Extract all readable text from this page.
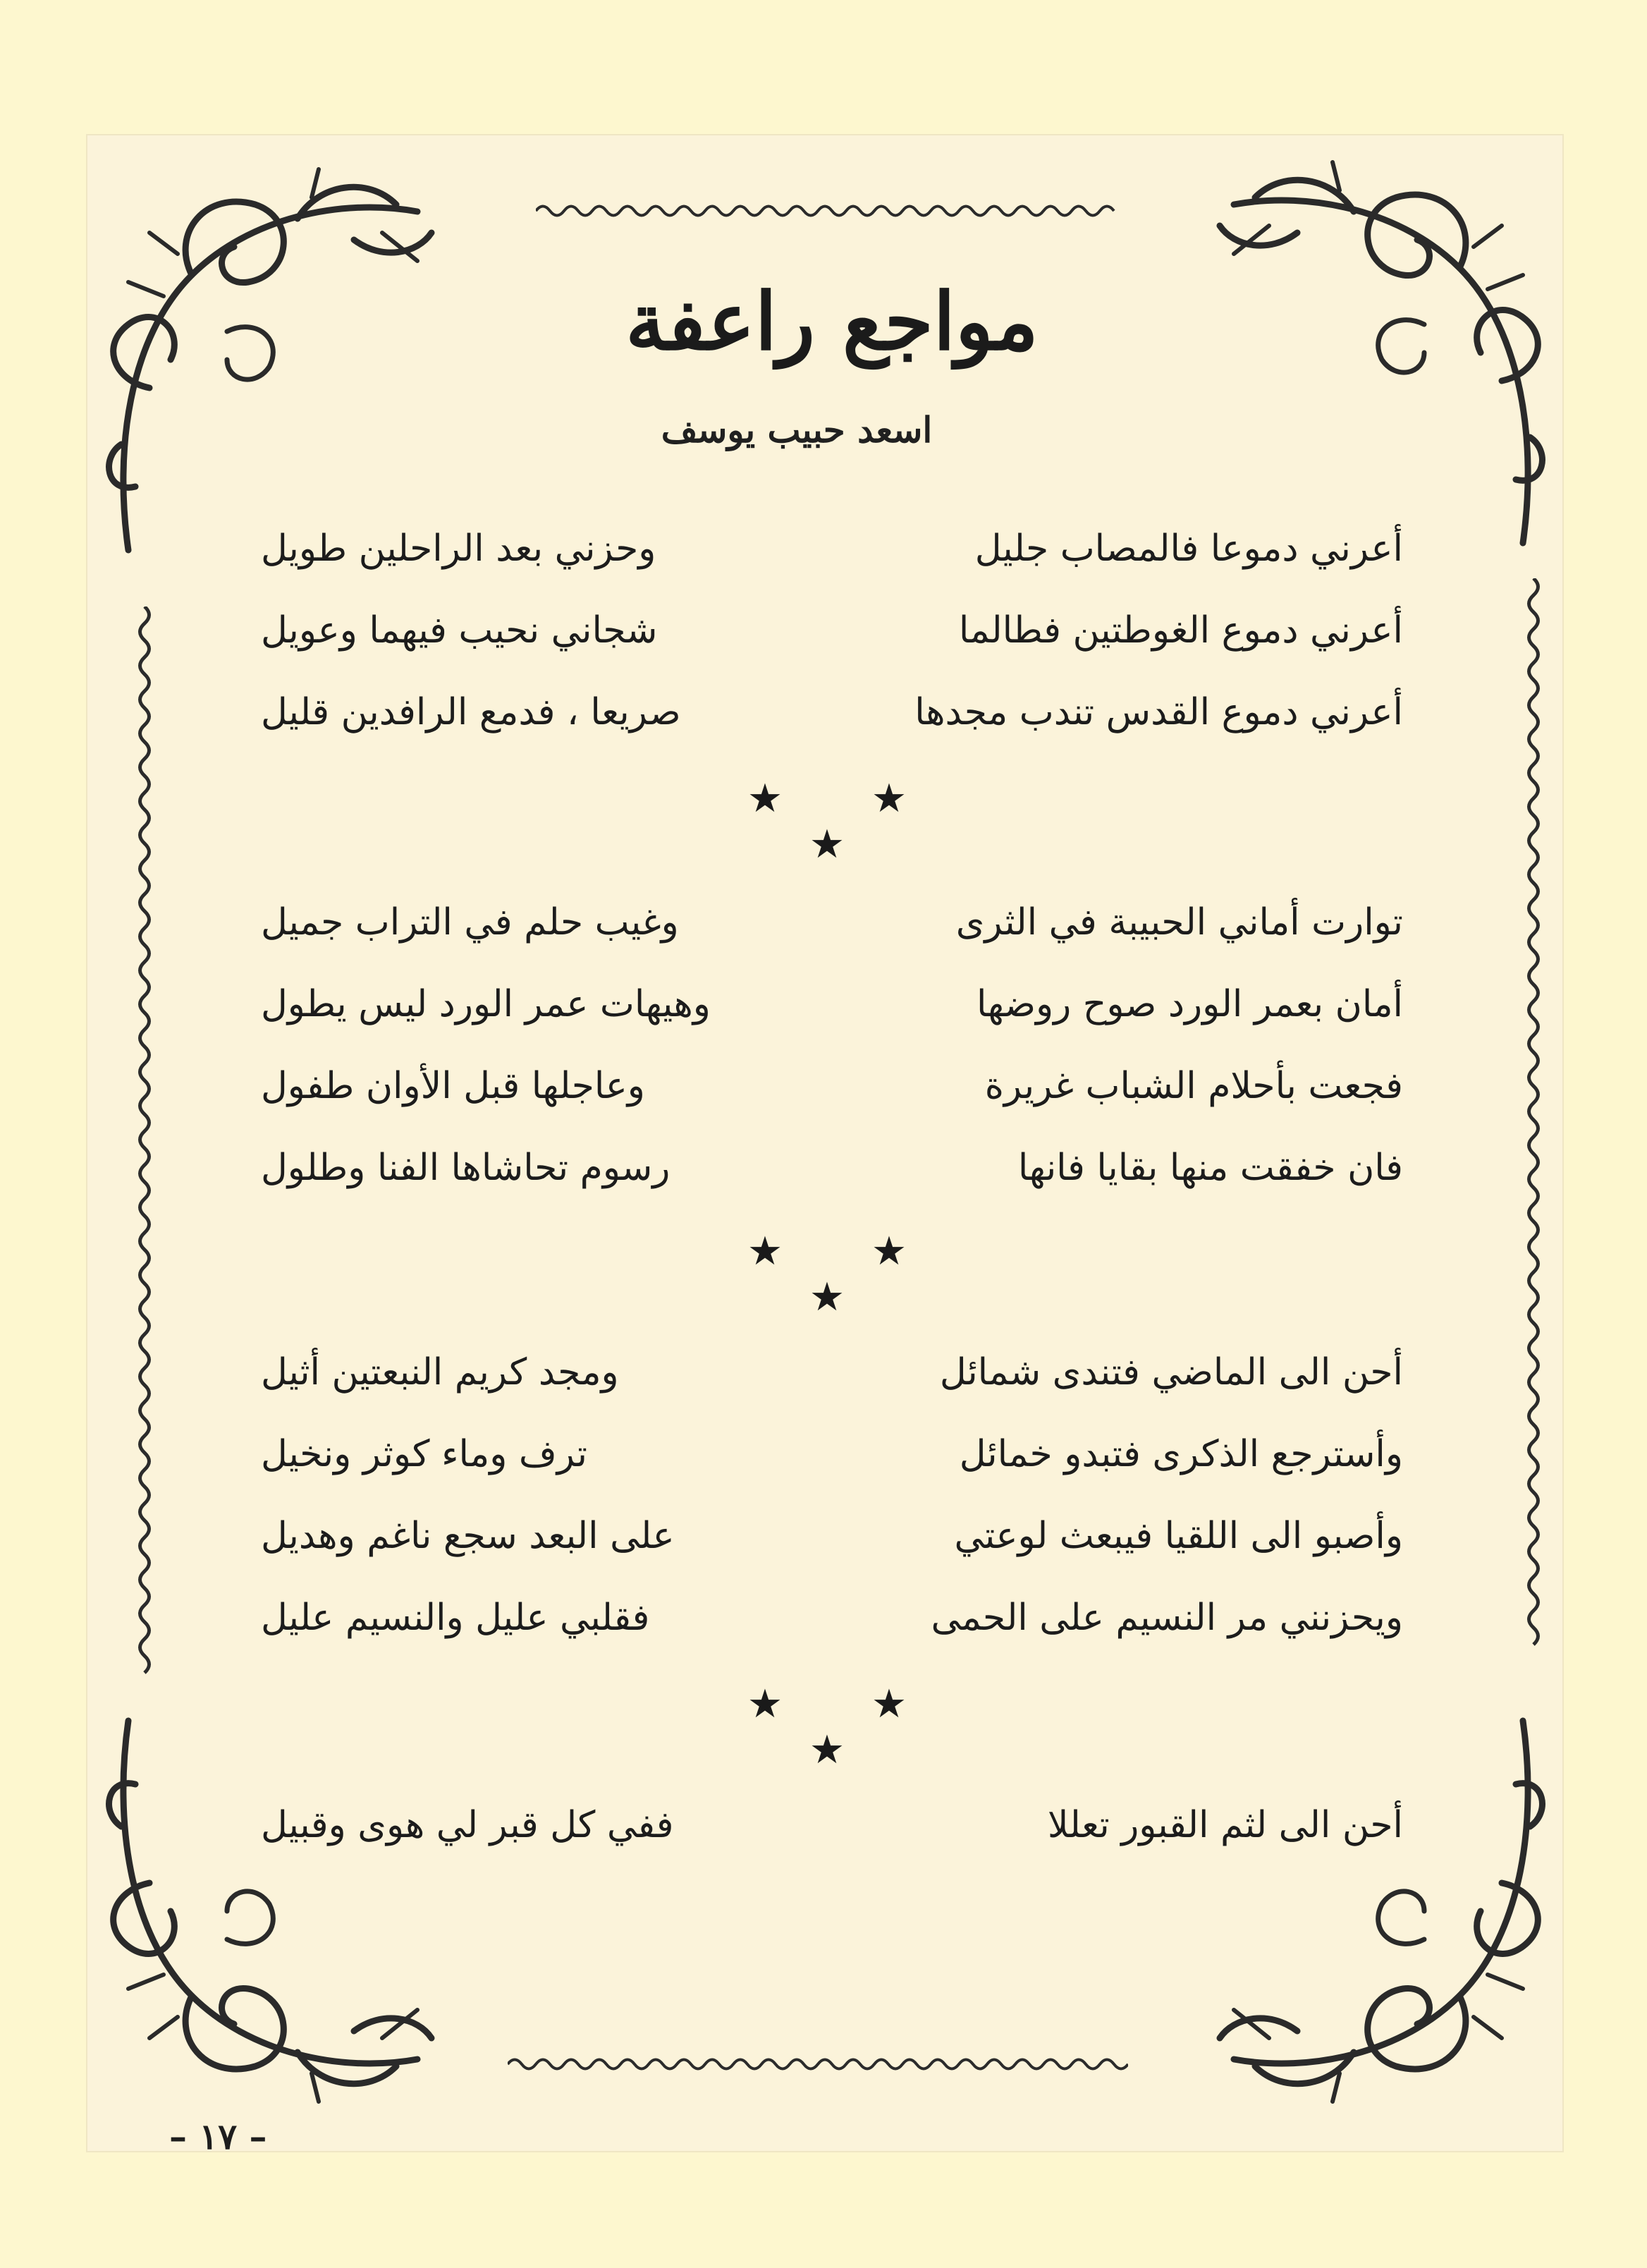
مواجع راعفة
اسعد حبيب يوسف
أعرني دموعا فالمصاب جليل
وحزني بعد الراحلين طويل
أعرني دموع الغوطتين فطالما
شجاني نحيب فيهما وعويل
أعرني دموع القدس تندب مجدها
صريعا ، فدمع الرافدين قليل
★ ★ ★
توارت أماني الحبيبة في الثرى
وغيب حلم في التراب جميل
أمان بعمر الورد صوح روضها
وهيهات عمر الورد ليس يطول
فجعت بأحلام الشباب غريرة
وعاجلها قبل الأوان طفول
فان خفقت منها بقايا فانها
رسوم تحاشاها الفنا وطلول
★ ★ ★
أحن الى الماضي فتندى شمائل
ومجد كريم النبعتين أثيل
وأسترجع الذكرى فتبدو خمائل
ترف وماء كوثر ونخيل
وأصبو الى اللقيا فيبعث لوعتي
على البعد سجع ناغم وهديل
ويحزنني مر النسيم على الحمى
فقلبي عليل والنسيم عليل
★ ★ ★
أحن الى لثم القبور تعللا
ففي كل قبر لي هوى وقبيل
– ١٧ –
